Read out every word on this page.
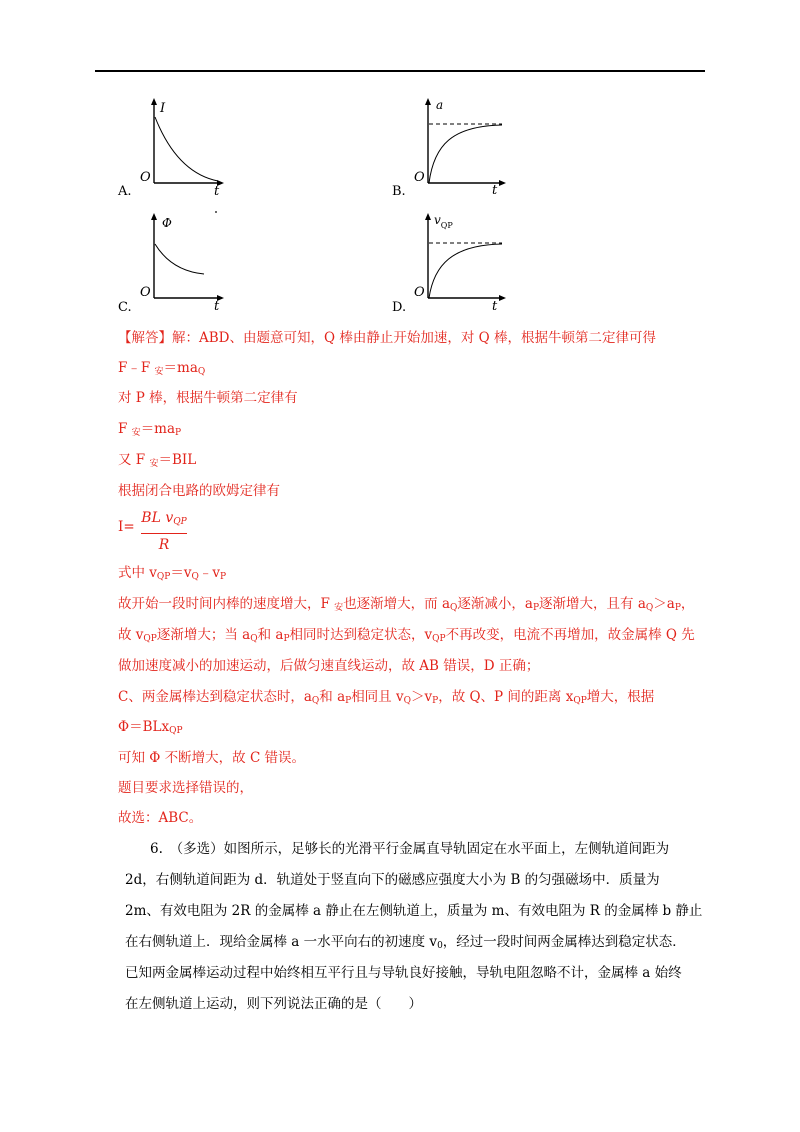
I
O
t
A.
a
O
t
B.
Φ
O
t
C.
$v_{QP}$
O
t
D.
【解答】解：ABD、由题意可知，Q 棒由静止开始加速，对 Q 棒，根据牛顿第二定律可得
F﹣F $_安=ma_Q$
对 P 棒，根据牛顿第二定律有
F $_安=ma_P$
又 F $_安$＝BIL
根据闭合电路的欧姆定律有
I=
BL $v_{QP}$
R
式中 $v_{QP}=v_Q﹣v_P$
故开始一段时间内棒的速度增大，F $_安$也逐渐增大，而 $a_Q$逐渐减小，$a_P$逐渐增大，且有 $a_Q>a_P$，
故 $v_{QP}$逐渐增大；当 $a_Q$和 $a_P$相同时达到稳定状态，$v_{QP}$不再改变，电流不再增加，故金属棒 Q 先
做加速度减小的加速运动，后做匀速直线运动，故 AB 错误，D 正确；
C、两金属棒达到稳定状态时，$a_Q$和 $a_P$相同且 $v_Q>v_P$，故 Q、P 间的距离 $x_{QP}$增大，根据
Φ＝BLx$_{QP}$
可知 Φ 不断增大，故 C 错误。
题目要求选择错误的，
故选：ABC。
6.　（多选）如图所示，足够长的光滑平行金属直导轨固定在水平面上，左侧轨道间距为
2d，右侧轨道间距为 d．轨道处于竖直向下的磁感应强度大小为 B 的匀强磁场中．质量为
2m、有效电阻为 2R 的金属棒 a 静止在左侧轨道上，质量为 m、有效电阻为 R 的金属棒 b 静止
在右侧轨道上．现给金属棒 a 一水平向右的初速度 $v_0$，经过一段时间两金属棒达到稳定状态．
已知两金属棒运动过程中始终相互平行且与导轨良好接触，导轨电阻忽略不计，金属棒 a 始终
在左侧轨道上运动，则下列说法正确的是（　　）
